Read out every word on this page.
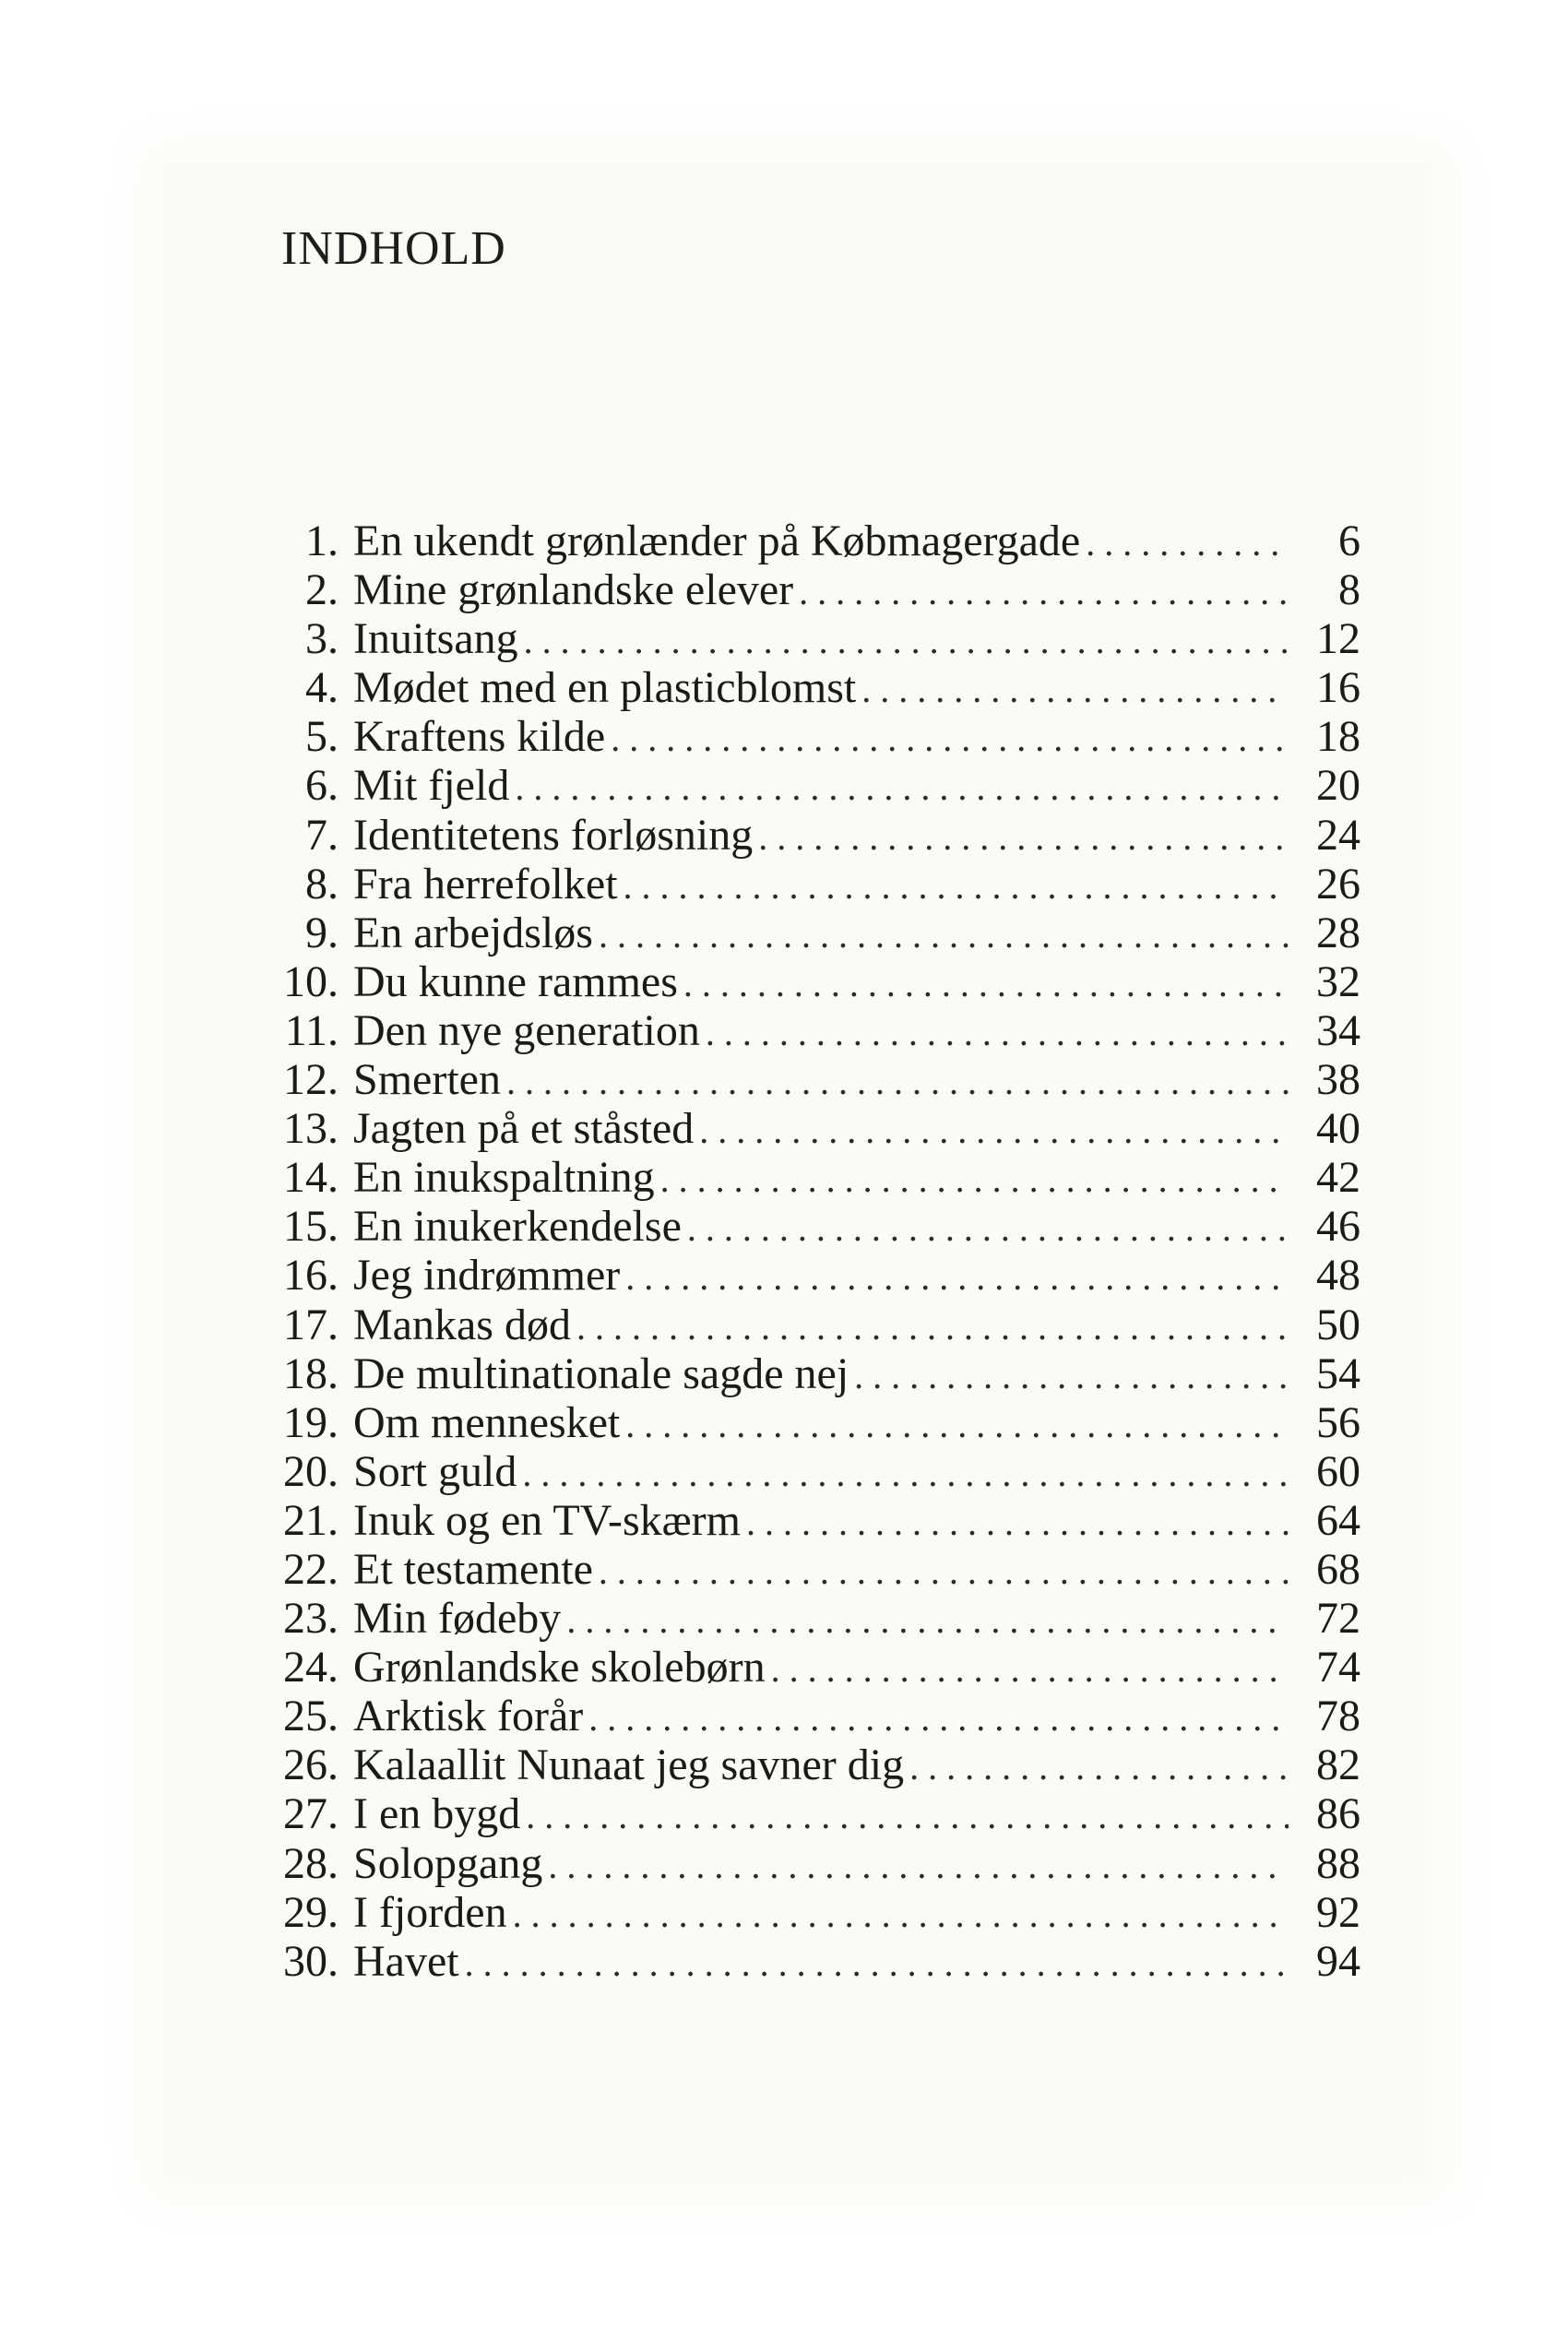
INDHOLD
1. En ukendt grønlænder på Købmagergade .....	6
2. Mine grønlandske elever .....	8
3. Inuitsang .....	12
4. Mødet med en plasticblomst .....	16
5. Kraftens kilde .....	18
6. Mit fjeld .....	20
7. Identitetens forløsning .....	24
8. Fra herrefolket .....	26
9. En arbejdsløs .....	28
10. Du kunne rammes .....	32
11. Den nye generation .....	34
12. Smerten .....	38
13. Jagten på et ståsted .....	40
14. En inukspaltning .....	42
15. En inukerkendelse .....	46
16. Jeg indrømmer .....	48
17. Mankas død .....	50
18. De multinationale sagde nej .....	54
19. Om mennesket .....	56
20. Sort guld .....	60
21. Inuk og en TV-skærm .....	64
22. Et testamente .....	68
23. Min fødeby .....	72
24. Grønlandske skolebørn .....	74
25. Arktisk forår .....	78
26. Kalaallit Nunaat jeg savner dig .....	82
27. I en bygd .....	86
28. Solopgang .....	88
29. I fjorden .....	92
30. Havet .....	94
